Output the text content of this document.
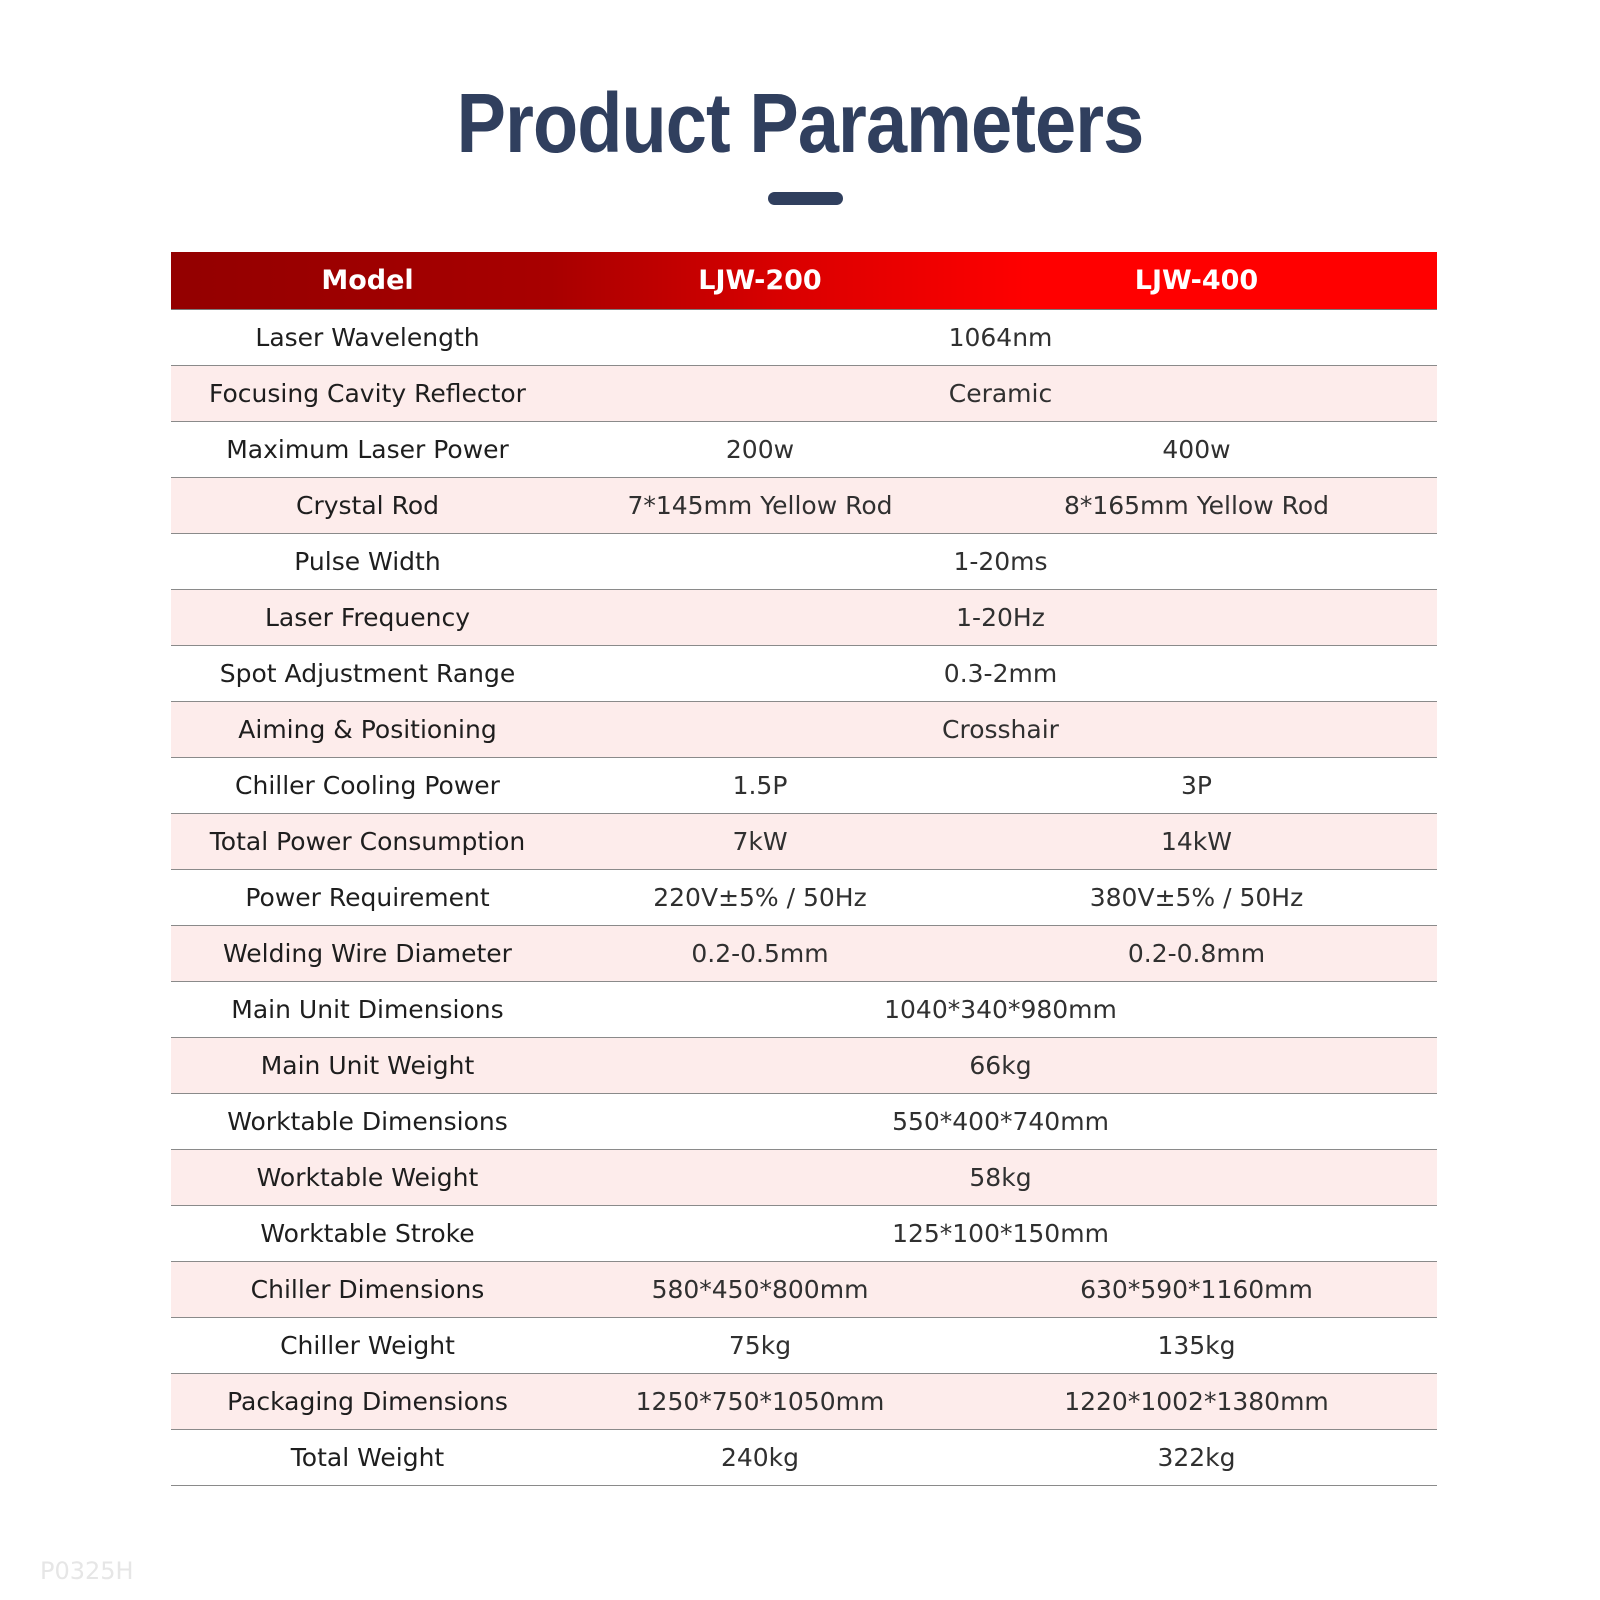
Product Parameters
Model	LJW-200	LJW-400
Laser Wavelength	1064nm
Focusing Cavity Reflector	Ceramic
Maximum Laser Power	200w	400w
Crystal Rod	7*145mm Yellow Rod	8*165mm Yellow Rod
Pulse Width	1-20ms
Laser Frequency	1-20Hz
Spot Adjustment Range	0.3-2mm
Aiming & Positioning	Crosshair
Chiller Cooling Power	1.5P	3P
Total Power Consumption	7kW	14kW
Power Requirement	220V±5% / 50Hz	380V±5% / 50Hz
Welding Wire Diameter	0.2-0.5mm	0.2-0.8mm
Main Unit Dimensions	1040*340*980mm
Main Unit Weight	66kg
Worktable Dimensions	550*400*740mm
Worktable Weight	58kg
Worktable Stroke	125*100*150mm
Chiller Dimensions	580*450*800mm	630*590*1160mm
Chiller Weight	75kg	135kg
Packaging Dimensions	1250*750*1050mm	1220*1002*1380mm
Total Weight	240kg	322kg
P0325H
